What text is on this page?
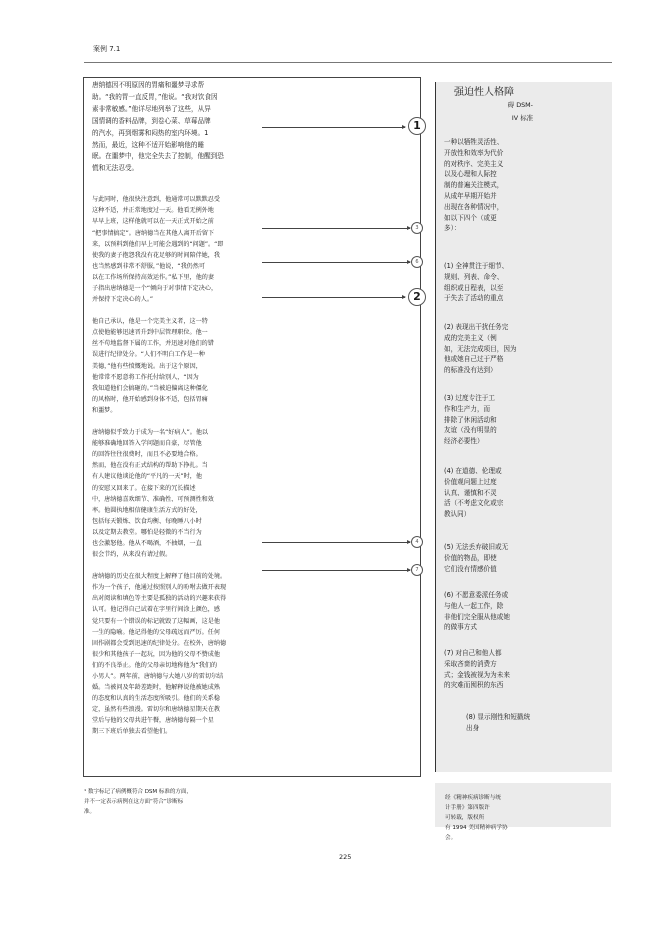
案例 7.1

唐纳德因不明原因的胃痛和噩梦寻求帮
助。“我的胃一直反胃，”他说。“我对饮食因
素非常敏感。”他详尽地列举了这些，从异
国情调的香料品牌，到卷心菜、草莓品牌
的汽水，再到烟雾和闷热的室内环境。1
然而，最近，这种不适开始影响他的睡
眠。在噩梦中，他完全失去了控制，他醒到恐
慌和无法忍受。

与此同时，他很快注意到，他通常可以默默忍受
这种不适，并正常地度过一天。他看无例外地
早早上班，这样他就可以在一天正式开始之前
“把事情搞定”。唐纳德当在其他人离开后留下
来，以预料到他们早上可能会遇到的“问题”。“即
使我的妻子抱怨我没有花足够的时间陪伴她，我
也当然感到非常不舒服，”他说，“我仍然可
以在工作场所保持高效运作。”私下里，他的妻
子指出唐纳德是一个“倾向于对事情下定决心，
并保持下定决心的人。”

他自己承认，他是一个完美主义者，这一特
点使他能够迅速晋升到中层管理职位。他一
丝不苟地监督下属的工作，并迅速对他们的错
误进行纪律处分。“人们不明白工作是一种
美德，”他有些愤慨地说。出于这个原因，
他常常不愿意将工作托付给别人，“因为
我知道他们会搞砸的。”当被迫偏离这种僵化
的风格时，他开始感到身体不适，包括胃痛
和噩梦。

唐纳德似乎致力于成为一名“好病人”。他以
能够准确地回答入学问题而自豪，尽管他
的回答往往很费时，而且不必要地合格。
然而，他在没有正式结构的帮助下挣扎。当
有人建议他谈论他的“平凡的一天”时，他
的安慰又回来了。在接下来的冗长描述
中，唐纳德喜欢细节、准确性、可预测性和效
率。他圆执地相信健康生活方式的好处，
包括每天锻炼、饮食均衡、每晚睡八小时
以及定期去教堂。哪怕是轻微的不当行为
也会激怒他。他从不喝酒，不抽烟，一直
很会节约，从来没有请过假。

唐纳德的历史在很大程度上解释了他目前的处境。
作为一个孩子，他通过按照别人的吩咐去做开表现
出对阅读和填色等主要是孤独的活动的兴趣来获得
认可。他记得自己试着在字里行间涂上颜色，感
觉只要有一个错误的标记就毁了这幅画，这是他
一生的隐喻。他记得他的父母疏远而严厉。任何
固作剧都会受到迅速的纪律处分。在校外，唐纳德
很少和其他孩子一起玩，因为他的父母不赞成他
们的不良举止。他的父母亲切地称他为“我们的
小男人”。两年前，唐纳德与大她八岁的雷切尔结
婚。当被问及年龄差距时，他解释说他被她成熟
的态度和认真的生活态度所吸引。他们的关系稳
定，虽然有些浪漫。雷切尔和唐纳德星期天在教
堂后与他的父母共进午餐，唐纳德每隔一个星
期三下班后单独去看望他们。

1
3
6
2
4
7
强迫性人格障
碍 DSM-
IV 标准
一种以牺牲灵活性、
开放性和效率为代价
的对秩序、完美主义
以及心理和人际控
制的普遍关注模式，
从成年早期开始并
出现在各种情况中，
如以下四个（或更
多）：
(1) 全神贯注于细节、
规则、列表、命令、
组织或日程表，以至
于失去了活动的重点
(2) 表现出干扰任务完
成的完美主义（例
如，无法完成项目，因为
他或她自己过于严格
的标准没有达到）
(3) 过度专注于工
作和生产力，而
排除了休闲活动和
友谊（没有明显的
经济必要性）
(4) 在道德、伦理或
价值观问题上过度
认真、谨慎和不灵
活（不考虑文化或宗
教认同）
(5) 无法丢弃破旧或无
价值的物品，即使
它们没有情感价值
(6) 不愿意委派任务或
与他人一起工作，除
非他们完全服从他或她
的做事方式
(7) 对自己和他人都
采取吝啬的消费方
式；金钱被视为为未来
的灾难而囤积的东西
(8) 显示刚性和短戳统
出身
经《精神疾病诊断与统
计手册》第四版许
可转载，版权所
有 1994 美国精神病学协
会。
¹ 数字标记了病例概符合 DSM 标准的方面，
并不一定表示病例在这方面“符合”诊断标
准。
225
